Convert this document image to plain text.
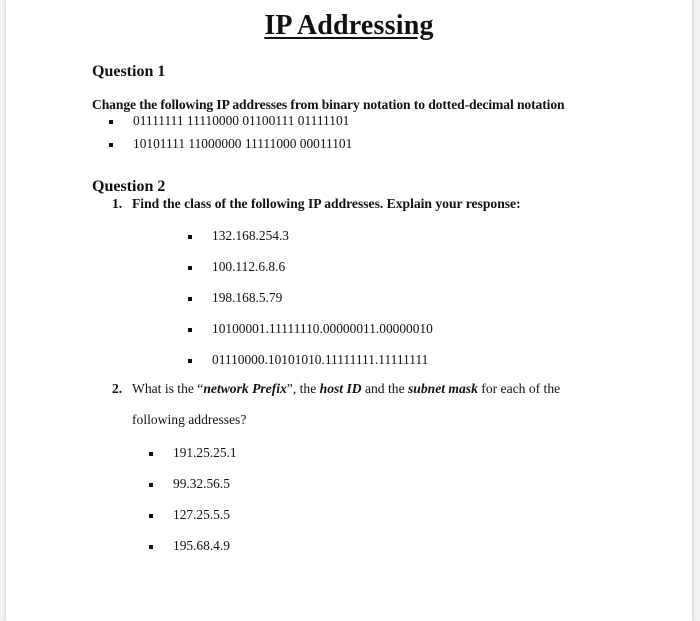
IP Addressing
Question 1
Change the following IP addresses from binary notation to dotted-decimal notation
01111111 11110000 01100111 01111101
10101111 11000000 11111000 00011101
Question 2
1. Find the class of the following IP addresses. Explain your response:
132.168.254.3
100.112.6.8.6
198.168.5.79
10100001.11111110.00000011.00000010
01110000.10101010.11111111.11111111
2. What is the “network Prefix”, the host ID and the subnet mask for each of the
following addresses?
191.25.25.1
99.32.56.5
127.25.5.5
195.68.4.9
